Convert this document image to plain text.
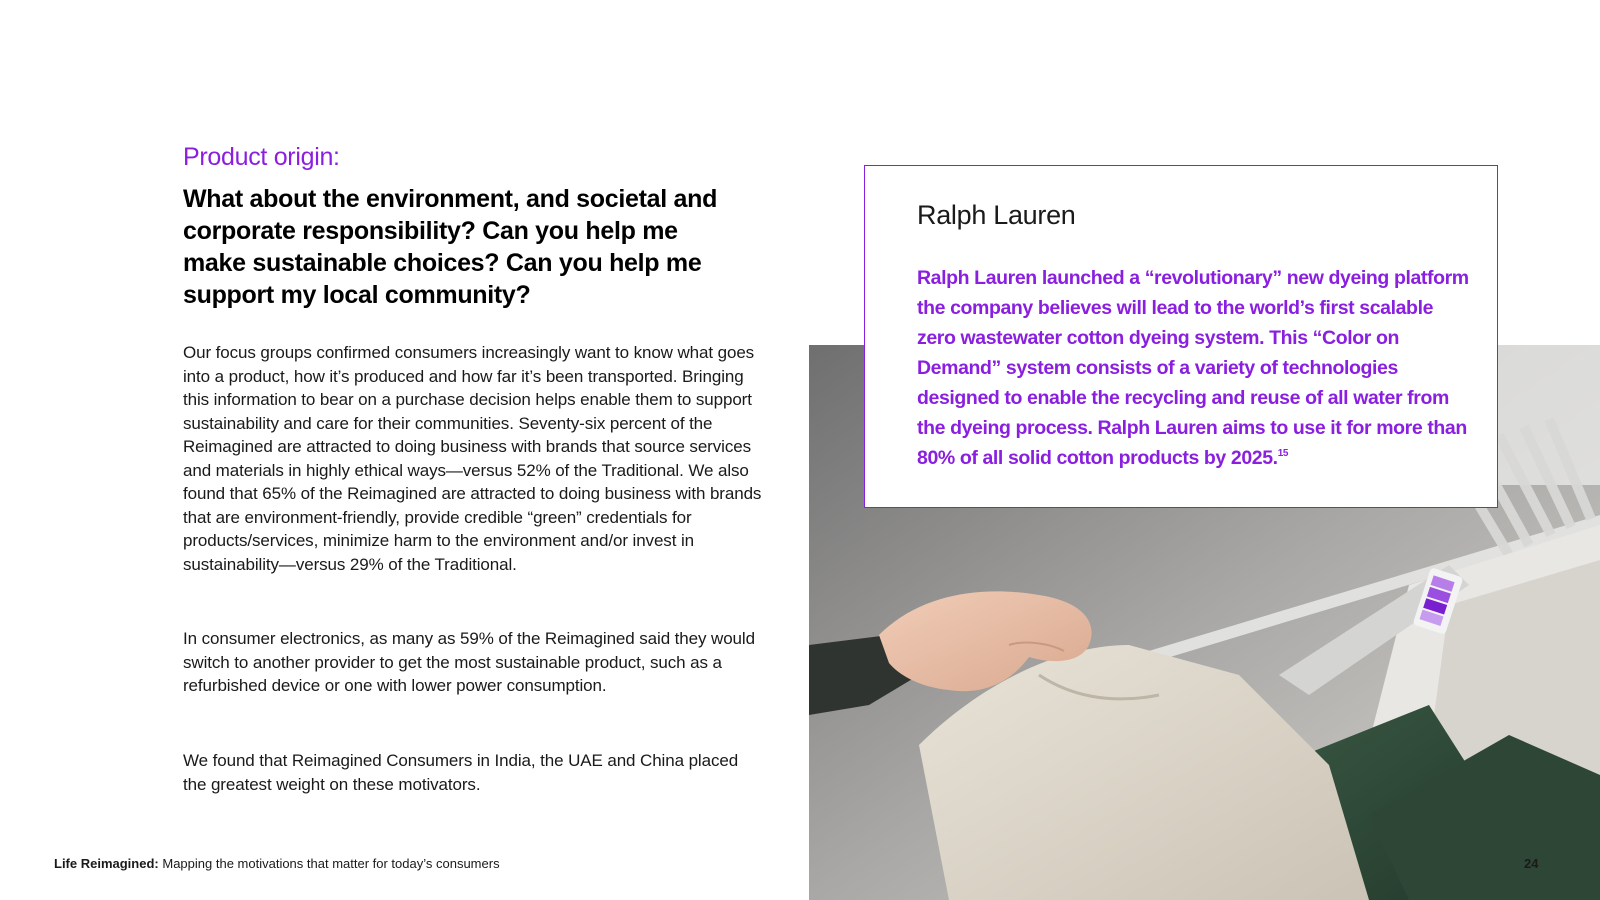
Product origin:
What about the environment, and societal and corporate responsibility? Can you help me make sustainable choices? Can you help me support my local community?

Our focus groups confirmed consumers increasingly want to know what goes into a product, how it’s produced and how far it’s been transported. Bringing this information to bear on a purchase decision helps enable them to support sustainability and care for their communities. Seventy-six percent of the Reimagined are attracted to doing business with brands that source services and materials in highly ethical ways—versus 52% of the Traditional. We also found that 65% of the Reimagined are attracted to doing business with brands that are environment-friendly, provide credible “green” credentials for products/services, minimize harm to the environment and/or invest in sustainability—versus 29% of the Traditional.

In consumer electronics, as many as 59% of the Reimagined said they would switch to another provider to get the most sustainable product, such as a refurbished device or one with lower power consumption.

We found that Reimagined Consumers in India, the UAE and China placed the greatest weight on these motivators.

Ralph Lauren

Ralph Lauren launched a “revolutionary” new dyeing platform the company believes will lead to the world’s first scalable zero wastewater cotton dyeing system. This “Color on Demand” system consists of a variety of technologies designed to enable the recycling and reuse of all water from the dyeing process. Ralph Lauren aims to use it for more than 80% of all solid cotton products by 2025.15

Life Reimagined: Mapping the motivations that matter for today’s consumers	24
